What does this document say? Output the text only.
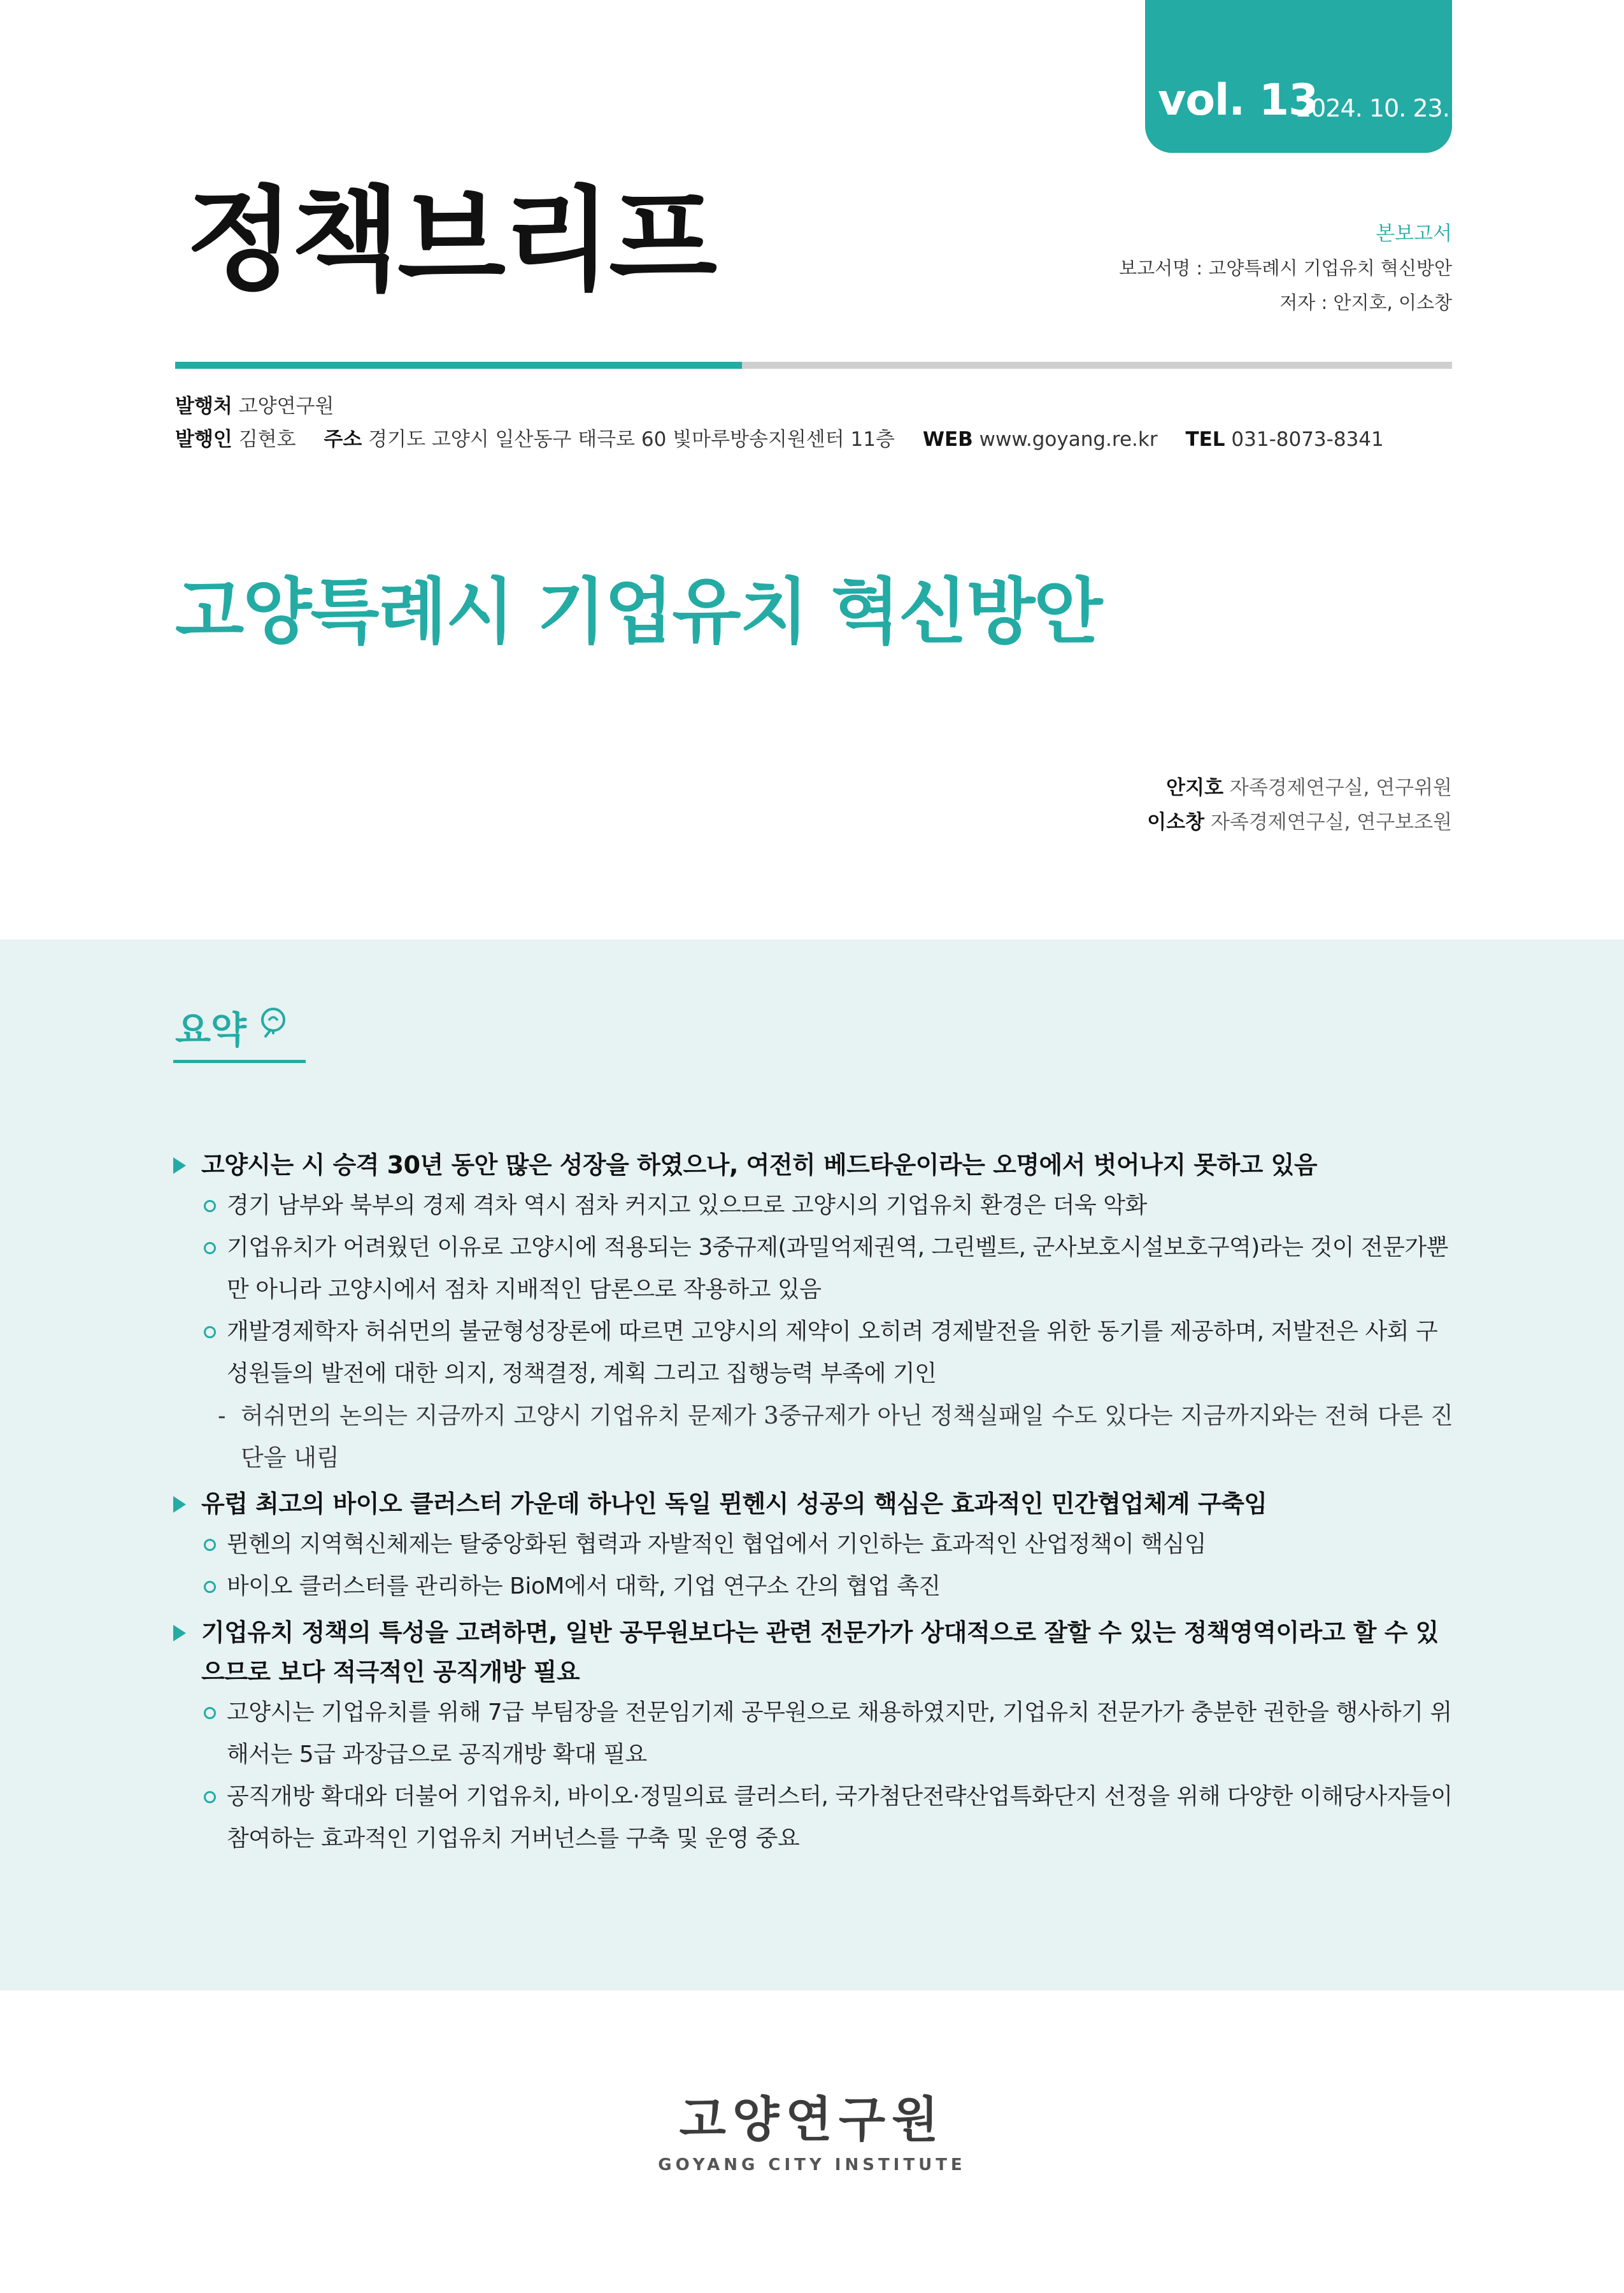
vol. 13
2024. 10. 23.
정책브리프	본보고서
보고서명 : 고양특례시 기업유치 혁신방안
저자 : 안지호, 이소창
발행처 고양연구원
발행인 김현호 주소 경기도 고양시 일산동구 태극로 60 빛마루방송지원센터 11층 WEB www.goyang.re.kr TEL 031-8073-8341
고양특례시 기업유치 혁신방안
안지호 자족경제연구실, 연구위원
이소창 자족경제연구실, 연구보조원
요약
고양시는 시 승격 30년 동안 많은 성장을 하였으나, 여전히 베드타운이라는 오명에서 벗어나지 못하고 있음
경기 남부와 북부의 경제 격차 역시 점차 커지고 있으므로 고양시의 기업유치 환경은 더욱 악화
기업유치가 어려웠던 이유로 고양시에 적용되는 3중규제(과밀억제권역, 그린벨트, 군사보호시설보호구역)라는 것이 전문가뿐만 아니라 고양시에서 점차 지배적인 담론으로 작용하고 있음
개발경제학자 허쉬먼의 불균형성장론에 따르면 고양시의 제약이 오히려 경제발전을 위한 동기를 제공하며, 저발전은 사회 구성원들의 발전에 대한 의지, 정책결정, 계획 그리고 집행능력 부족에 기인
- 허쉬먼의 논의는 지금까지 고양시 기업유치 문제가 3중규제가 아닌 정책실패일 수도 있다는 지금까지와는 전혀 다른 진단을 내림
유럽 최고의 바이오 클러스터 가운데 하나인 독일 뮌헨시 성공의 핵심은 효과적인 민간협업체계 구축임
뮌헨의 지역혁신체제는 탈중앙화된 협력과 자발적인 협업에서 기인하는 효과적인 산업정책이 핵심임
바이오 클러스터를 관리하는 BioM에서 대학, 기업 연구소 간의 협업 촉진
기업유치 정책의 특성을 고려하면, 일반 공무원보다는 관련 전문가가 상대적으로 잘할 수 있는 정책영역이라고 할 수 있으므로 보다 적극적인 공직개방 필요
고양시는 기업유치를 위해 7급 부팀장을 전문임기제 공무원으로 채용하였지만, 기업유치 전문가가 충분한 권한을 행사하기 위해서는 5급 과장급으로 공직개방 확대 필요
공직개방 확대와 더불어 기업유치, 바이오·정밀의료 클러스터, 국가첨단전략산업특화단지 선정을 위해 다양한 이해당사자들이 참여하는 효과적인 기업유치 거버넌스를 구축 및 운영 중요
고양연구원
GOYANG CITY INSTITUTE
